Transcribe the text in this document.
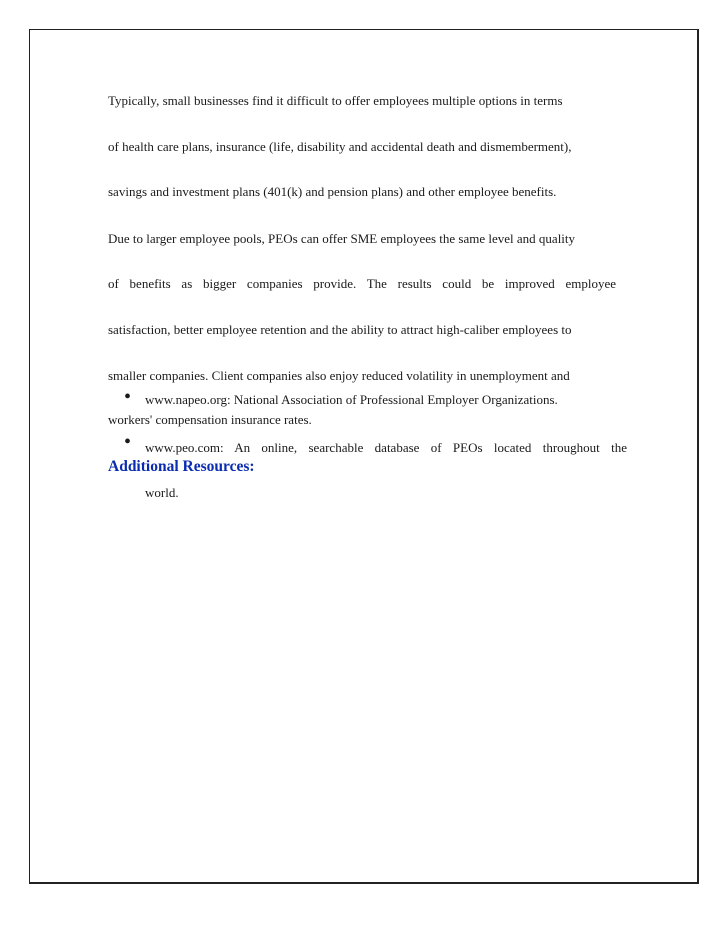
Typically, small businesses find it difficult to offer employees multiple options in terms
of health care plans, insurance (life, disability and accidental death and dismemberment),
savings and investment plans (401(k) and pension plans) and other employee benefits.
Due to larger employee pools, PEOs can offer SME employees the same level and quality
of benefits as bigger companies provide. The results could be improved employee
satisfaction, better employee retention and the ability to attract high-caliber employees to
smaller companies. Client companies also enjoy reduced volatility in unemployment and
• www.napeo.org: National Association of Professional Employer Organizations.
workers' compensation insurance rates.
• www.peo.com: An online, searchable database of PEOs located throughout the
Additional Resources:
world.
